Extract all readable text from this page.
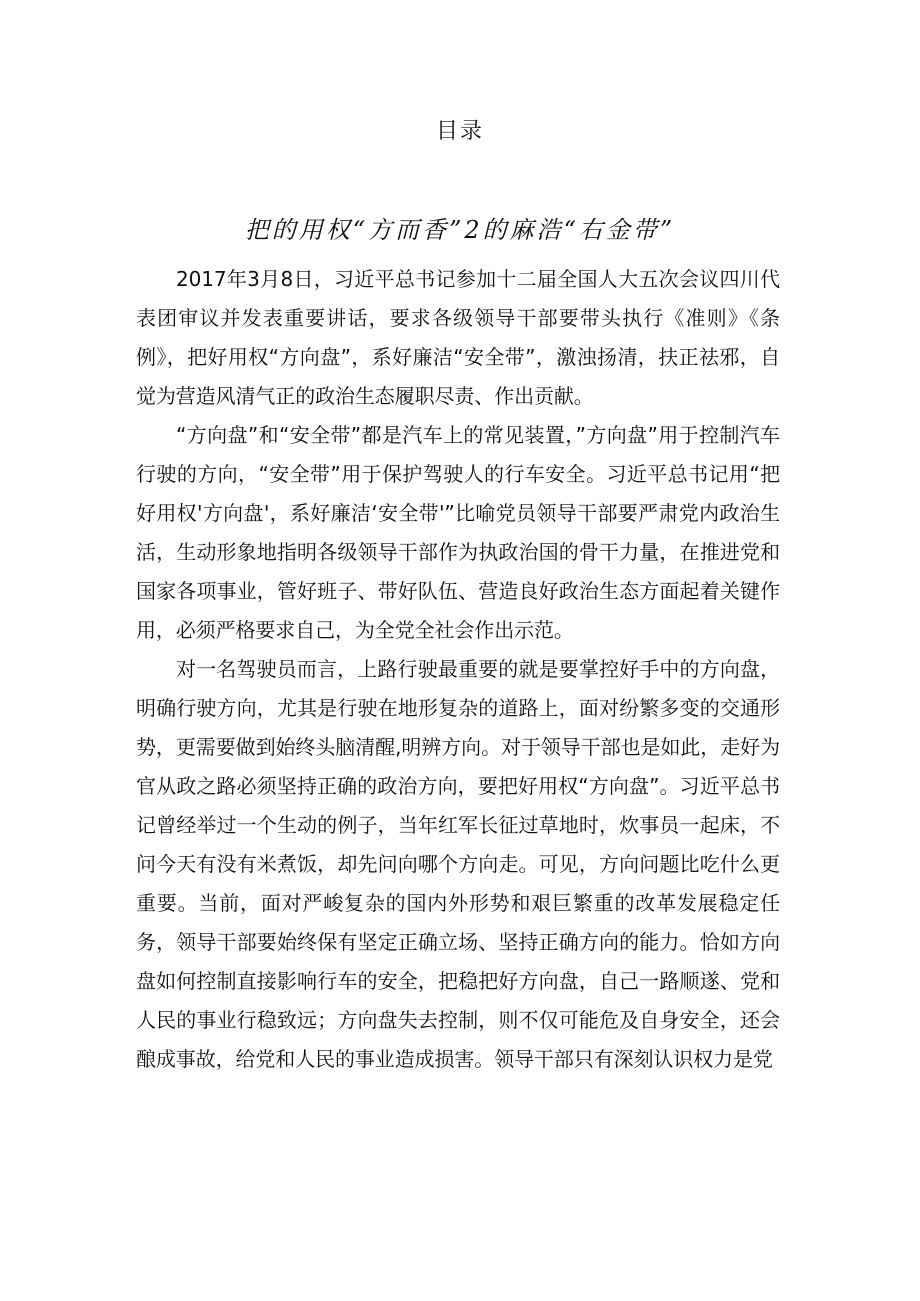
目录
把的用权“方而香”2的麻浩“右金带”

2017年3月8日，习近平总书记参加十二届全国人大五次会议四川代表团审议并发表重要讲话，要求各级领导干部要带头执行《准则》《条例》，把好用权“方向盘”，系好廉洁“安全带”，激浊扬清，扶正祛邪，自觉为营造风清气正的政治生态履职尽责、作出贡献。

“方向盘”和“安全带”都是汽车上的常见装置，”方向盘”用于控制汽车行驶的方向，“安全带”用于保护驾驶人的行车安全。习近平总书记用“把好用权'方向盘'，系好廉洁‘安全带'”比喻党员领导干部要严肃党内政治生活，生动形象地指明各级领导干部作为执政治国的骨干力量，在推进党和国家各项事业，管好班子、带好队伍、营造良好政治生态方面起着关键作用，必须严格要求自己，为全党全社会作出示范。

对一名驾驶员而言，上路行驶最重要的就是要掌控好手中的方向盘，明确行驶方向，尤其是行驶在地形复杂的道路上，面对纷繁多变的交通形势，更需要做到始终头脑清醒,明辨方向。对于领导干部也是如此，走好为官从政之路必须坚持正确的政治方向，要把好用权“方向盘”。习近平总书记曾经举过一个生动的例子，当年红军长征过草地时，炊事员一起床，不问今天有没有米煮饭，却先问向哪个方向走。可见，方向问题比吃什么更重要。当前，面对严峻复杂的国内外形势和艰巨繁重的改革发展稳定任务，领导干部要始终保有坚定正确立场、坚持正确方向的能力。恰如方向盘如何控制直接影响行车的安全，把稳把好方向盘，自己一路顺遂、党和人民的事业行稳致远；方向盘失去控制，则不仅可能危及自身安全，还会酿成事故，给党和人民的事业造成损害。领导干部只有深刻认识权力是党
